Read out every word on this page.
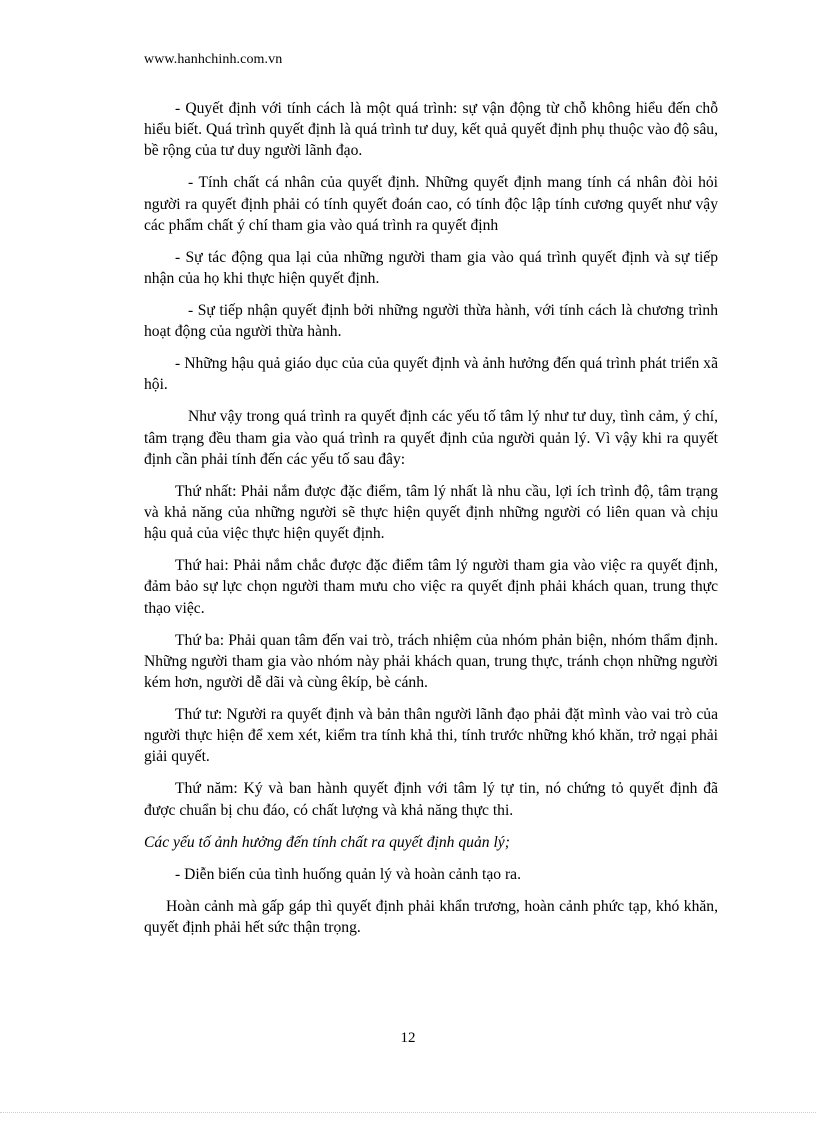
www.hanhchinh.com.vn

- Quyết định với tính cách là một quá trình: sự vận động từ chỗ không hiểu đến chỗ hiểu biết. Quá trình quyết định là quá trình tư duy, kết quả quyết định phụ thuộc vào độ sâu, bề rộng của tư duy người lãnh đạo.

- Tính chất cá nhân của quyết định. Những quyết định mang tính cá nhân đòi hỏi người ra quyết định phải có tính quyết đoán cao, có tính độc lập tính cương quyết như vậy các phẩm chất ý chí tham gia vào quá trình ra quyết định

- Sự tác động qua lại của những người tham gia vào quá trình quyết định và sự tiếp nhận của họ khi thực hiện quyết định.

- Sự tiếp nhận quyết định bởi những người thừa hành, với tính cách là chương trình hoạt động của người thừa hành.

- Những hậu quả giáo dục của của quyết định và ảnh hưởng đến quá trình phát triển xã hội.

Như vậy trong quá trình ra quyết định các yếu tố tâm lý như tư duy, tình cảm, ý chí, tâm trạng đều tham gia vào quá trình ra quyết định của người quản lý. Vì vậy khi ra quyết định cần phải tính đến các yếu tố sau đây:

Thứ nhất: Phải nắm được đặc điểm, tâm lý nhất là nhu cầu, lợi ích trình độ, tâm trạng và khả năng của những người sẽ thực hiện quyết định những người có liên quan và chịu hậu quả của việc thực hiện quyết định.

Thứ hai: Phải nắm chắc được đặc điểm tâm lý người tham gia vào việc ra quyết định, đảm bảo sự lực chọn người tham mưu cho việc ra quyết định phải khách quan, trung thực thạo việc.

Thứ ba: Phải quan tâm đến vai trò, trách nhiệm của nhóm phản biện, nhóm thẩm định. Những người tham gia vào nhóm này phải khách quan, trung thực, tránh chọn những người kém hơn, người dễ dãi và cùng êkíp, bè cánh.

Thứ tư: Người ra quyết định và bản thân người lãnh đạo phải đặt mình vào vai trò của người thực hiện để xem xét, kiểm tra tính khả thi, tính trước những khó khăn, trở ngại phải giải quyết.

Thứ năm: Ký và ban hành quyết định với tâm lý tự tin, nó chứng tỏ quyết định đã được chuẩn bị chu đáo, có chất lượng và khả năng thực thi.

Các yếu tố ảnh hưởng đến tính chất ra quyết định quản lý;

- Diễn biến của tình huống quản lý và hoàn cảnh tạo ra.

Hoàn cảnh mà gấp gáp thì quyết định phải khẩn trương, hoàn cảnh phức tạp, khó khăn, quyết định phải hết sức thận trọng.

12
